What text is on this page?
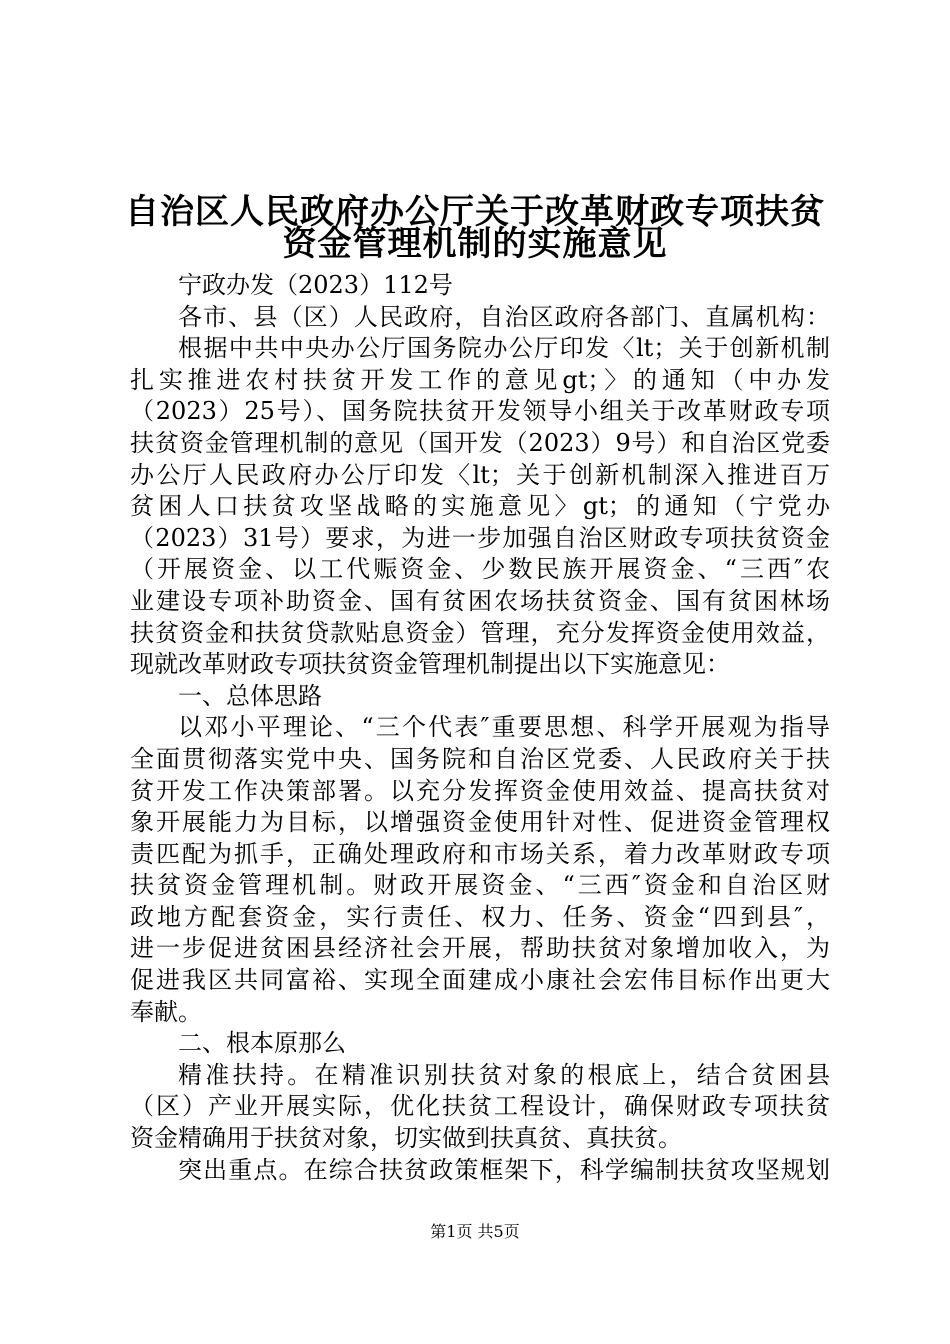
自治区人民政府办公厅关于改革财政专项扶贫
资金管理机制的实施意见
宁政办发（2023）112号
各市、县（区）人民政府，自治区政府各部门、直属机构：
根据中共中央办公厅国务院办公厅印发〈lt；关于创新机制
扎实推进农村扶贫开发工作的意见gt；〉的通知（中办发
（2023）25号）、国务院扶贫开发领导小组关于改革财政专项
扶贫资金管理机制的意见（国开发（2023）9号）和自治区党委
办公厅人民政府办公厅印发〈lt；关于创新机制深入推进百万
贫困人口扶贫攻坚战略的实施意见〉gt；的通知（宁党办
（2023）31号）要求，为进一步加强自治区财政专项扶贫资金
（开展资金、以工代赈资金、少数民族开展资金、“三西″农
业建设专项补助资金、国有贫困农场扶贫资金、国有贫困林场
扶贫资金和扶贫贷款贴息资金）管理，充分发挥资金使用效益，
现就改革财政专项扶贫资金管理机制提出以下实施意见：
一、总体思路
以邓小平理论、“三个代表″重要思想、科学开展观为指导
全面贯彻落实党中央、国务院和自治区党委、人民政府关于扶
贫开发工作决策部署。以充分发挥资金使用效益、提高扶贫对
象开展能力为目标，以增强资金使用针对性、促进资金管理权
责匹配为抓手，正确处理政府和市场关系，着力改革财政专项
扶贫资金管理机制。财政开展资金、“三西″资金和自治区财
政地方配套资金，实行责任、权力、任务、资金“四到县″，
进一步促进贫困县经济社会开展，帮助扶贫对象增加收入，为
促进我区共同富裕、实现全面建成小康社会宏伟目标作出更大
奉献。
二、根本原那么
精准扶持。在精准识别扶贫对象的根底上，结合贫困县
（区）产业开展实际，优化扶贫工程设计，确保财政专项扶贫
资金精确用于扶贫对象，切实做到扶真贫、真扶贫。
突出重点。在综合扶贫政策框架下，科学编制扶贫攻坚规划
第1页 共5页
